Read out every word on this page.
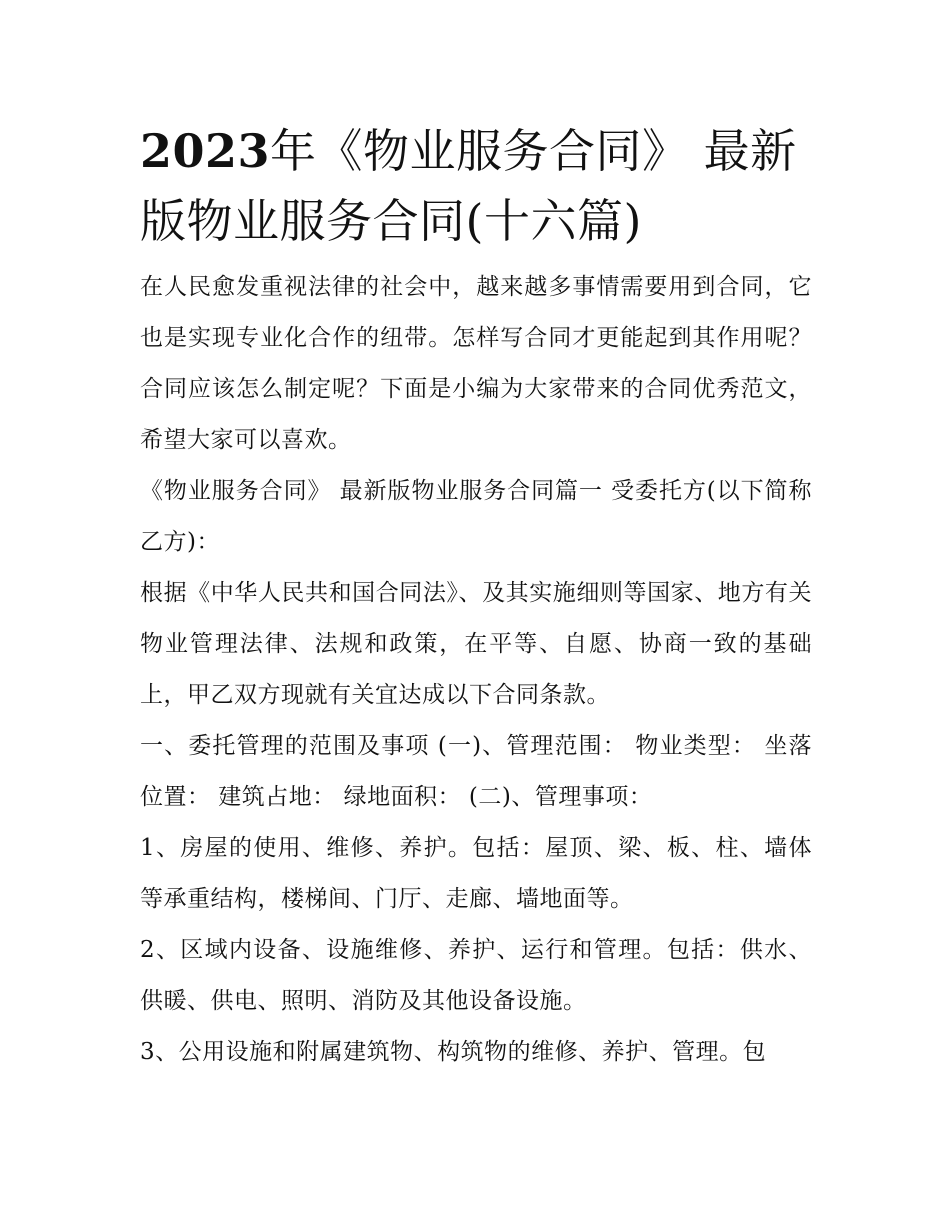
2023年《物业服务合同》 最新版物业服务合同(十六篇)

在人民愈发重视法律的社会中，越来越多事情需要用到合同，它也是实现专业化合作的纽带。怎样写合同才更能起到其作用呢？合同应该怎么制定呢？下面是小编为大家带来的合同优秀范文，希望大家可以喜欢。

《物业服务合同》 最新版物业服务合同篇一 受委托方(以下简称乙方)：

根据《中华人民共和国合同法》、及其实施细则等国家、地方有关物业管理法律、法规和政策，在平等、自愿、协商一致的基础上，甲乙双方现就有关宜达成以下合同条款。

一、委托管理的范围及事项 (一)、管理范围： 物业类型： 坐落位置： 建筑占地： 绿地面积： (二)、管理事项：

1、房屋的使用、维修、养护。包括：屋顶、梁、板、柱、墙体等承重结构，楼梯间、门厅、走廊、墙地面等。

2、区域内设备、设施维修、养护、运行和管理。包括：供水、供暖、供电、照明、消防及其他设备设施。

3、公用设施和附属建筑物、构筑物的维修、养护、管理。包
